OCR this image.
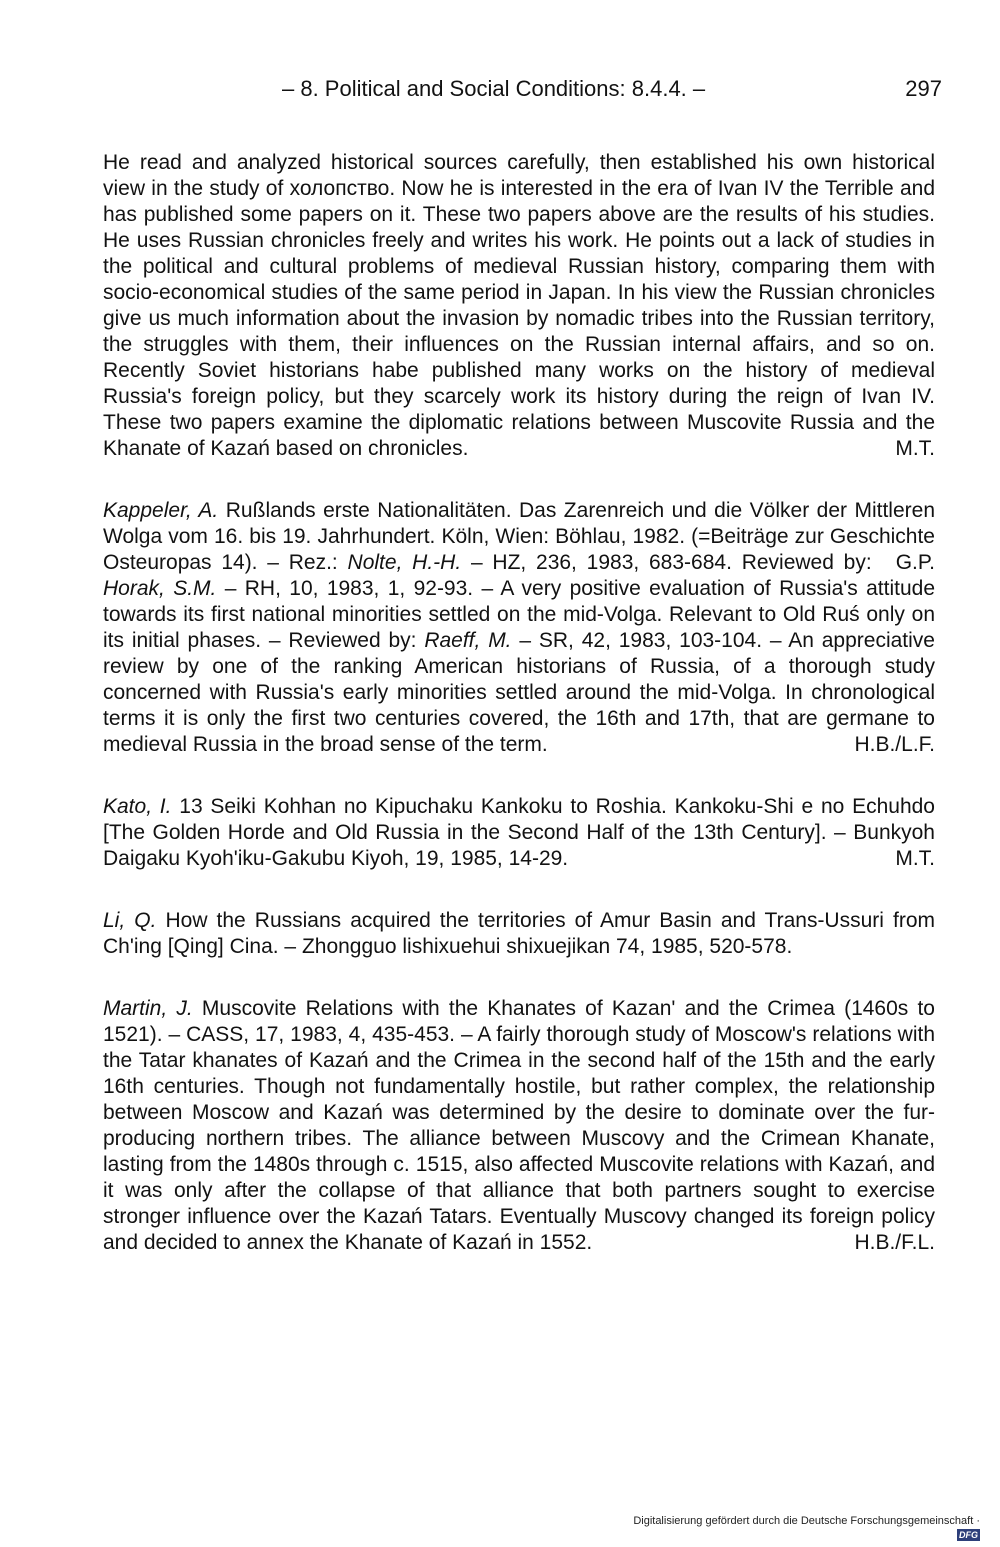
– 8. Political and Social Conditions: 8.4.4. –	297

He read and analyzed historical sources carefully, then established his own historical view in the study of холопство. Now he is interested in the era of Ivan IV the Terrible and has published some papers on it. These two papers above are the results of his studies. He uses Russian chronicles freely and writes his work. He points out a lack of studies in the political and cultural problems of medieval Russian history, comparing them with socio-economical studies of the same period in Japan. In his view the Russian chronicles give us much information about the invasion by nomadic tribes into the Russian territory, the struggles with them, their influences on the Russian internal affairs, and so on. Recently Soviet historians habe published many works on the history of medieval Russia's foreign policy, but they scarcely work its history during the reign of Ivan IV. These two papers examine the diplomatic relations between Muscovite Russia and the Khanate of Kazań based on chronicles.	M.T.

Kappeler, A. Rußlands erste Nationalitäten. Das Zarenreich und die Völker der Mittleren Wolga vom 16. bis 19. Jahrhundert. Köln, Wien: Böhlau, 1982. (=Beiträge zur Geschichte Osteuropas 14). – Rez.: Nolte, H.-H. – HZ, 236, 1983, 683-684.	G.P.
Reviewed by: Horak, S.M. – RH, 10, 1983, 1, 92-93. – A very positive evaluation of Russia's attitude towards its first national minorities settled on the mid-Volga. Relevant to Old Ruś only on its initial phases. – Reviewed by: Raeff, M. – SR, 42, 1983, 103-104. – An appreciative review by one of the ranking American historians of Russia, of a thorough study concerned with Russia's early minorities settled around the mid-Volga. In chronological terms it is only the first two centuries covered, the 16th and 17th, that are germane to medieval Russia in the broad sense of the term.	H.B./L.F.

Kato, I. 13 Seiki Kohhan no Kipuchaku Kankoku to Roshia. Kankoku-Shi e no Echuhdo [The Golden Horde and Old Russia in the Second Half of the 13th Century]. – Bunkyoh Daigaku Kyoh'iku-Gakubu Kiyoh, 19, 1985, 14-29.	M.T.

Li, Q. How the Russians acquired the territories of Amur Basin and Trans-Ussuri from Ch'ing [Qing] Cina. – Zhongguo lishixuehui shixuejikan 74, 1985, 520-578.

Martin, J. Muscovite Relations with the Khanates of Kazan' and the Crimea (1460s to 1521). – CASS, 17, 1983, 4, 435-453. – A fairly thorough study of Moscow's relations with the Tatar khanates of Kazań and the Crimea in the second half of the 15th and the early 16th centuries. Though not fundamentally hostile, but rather complex, the relationship between Moscow and Kazań was determined by the desire to dominate over the fur-producing northern tribes. The alliance between Muscovy and the Crimean Khanate, lasting from the 1480s through c. 1515, also affected Muscovite relations with Kazań, and it was only after the collapse of that alliance that both partners sought to exercise stronger influence over the Kazań Tatars. Eventually Muscovy changed its foreign policy and decided to annex the Khanate of Kazań in 1552.	H.B./F.L.

Digitalisierung gefördert durch die Deutsche Forschungsgemeinschaft · DFG
